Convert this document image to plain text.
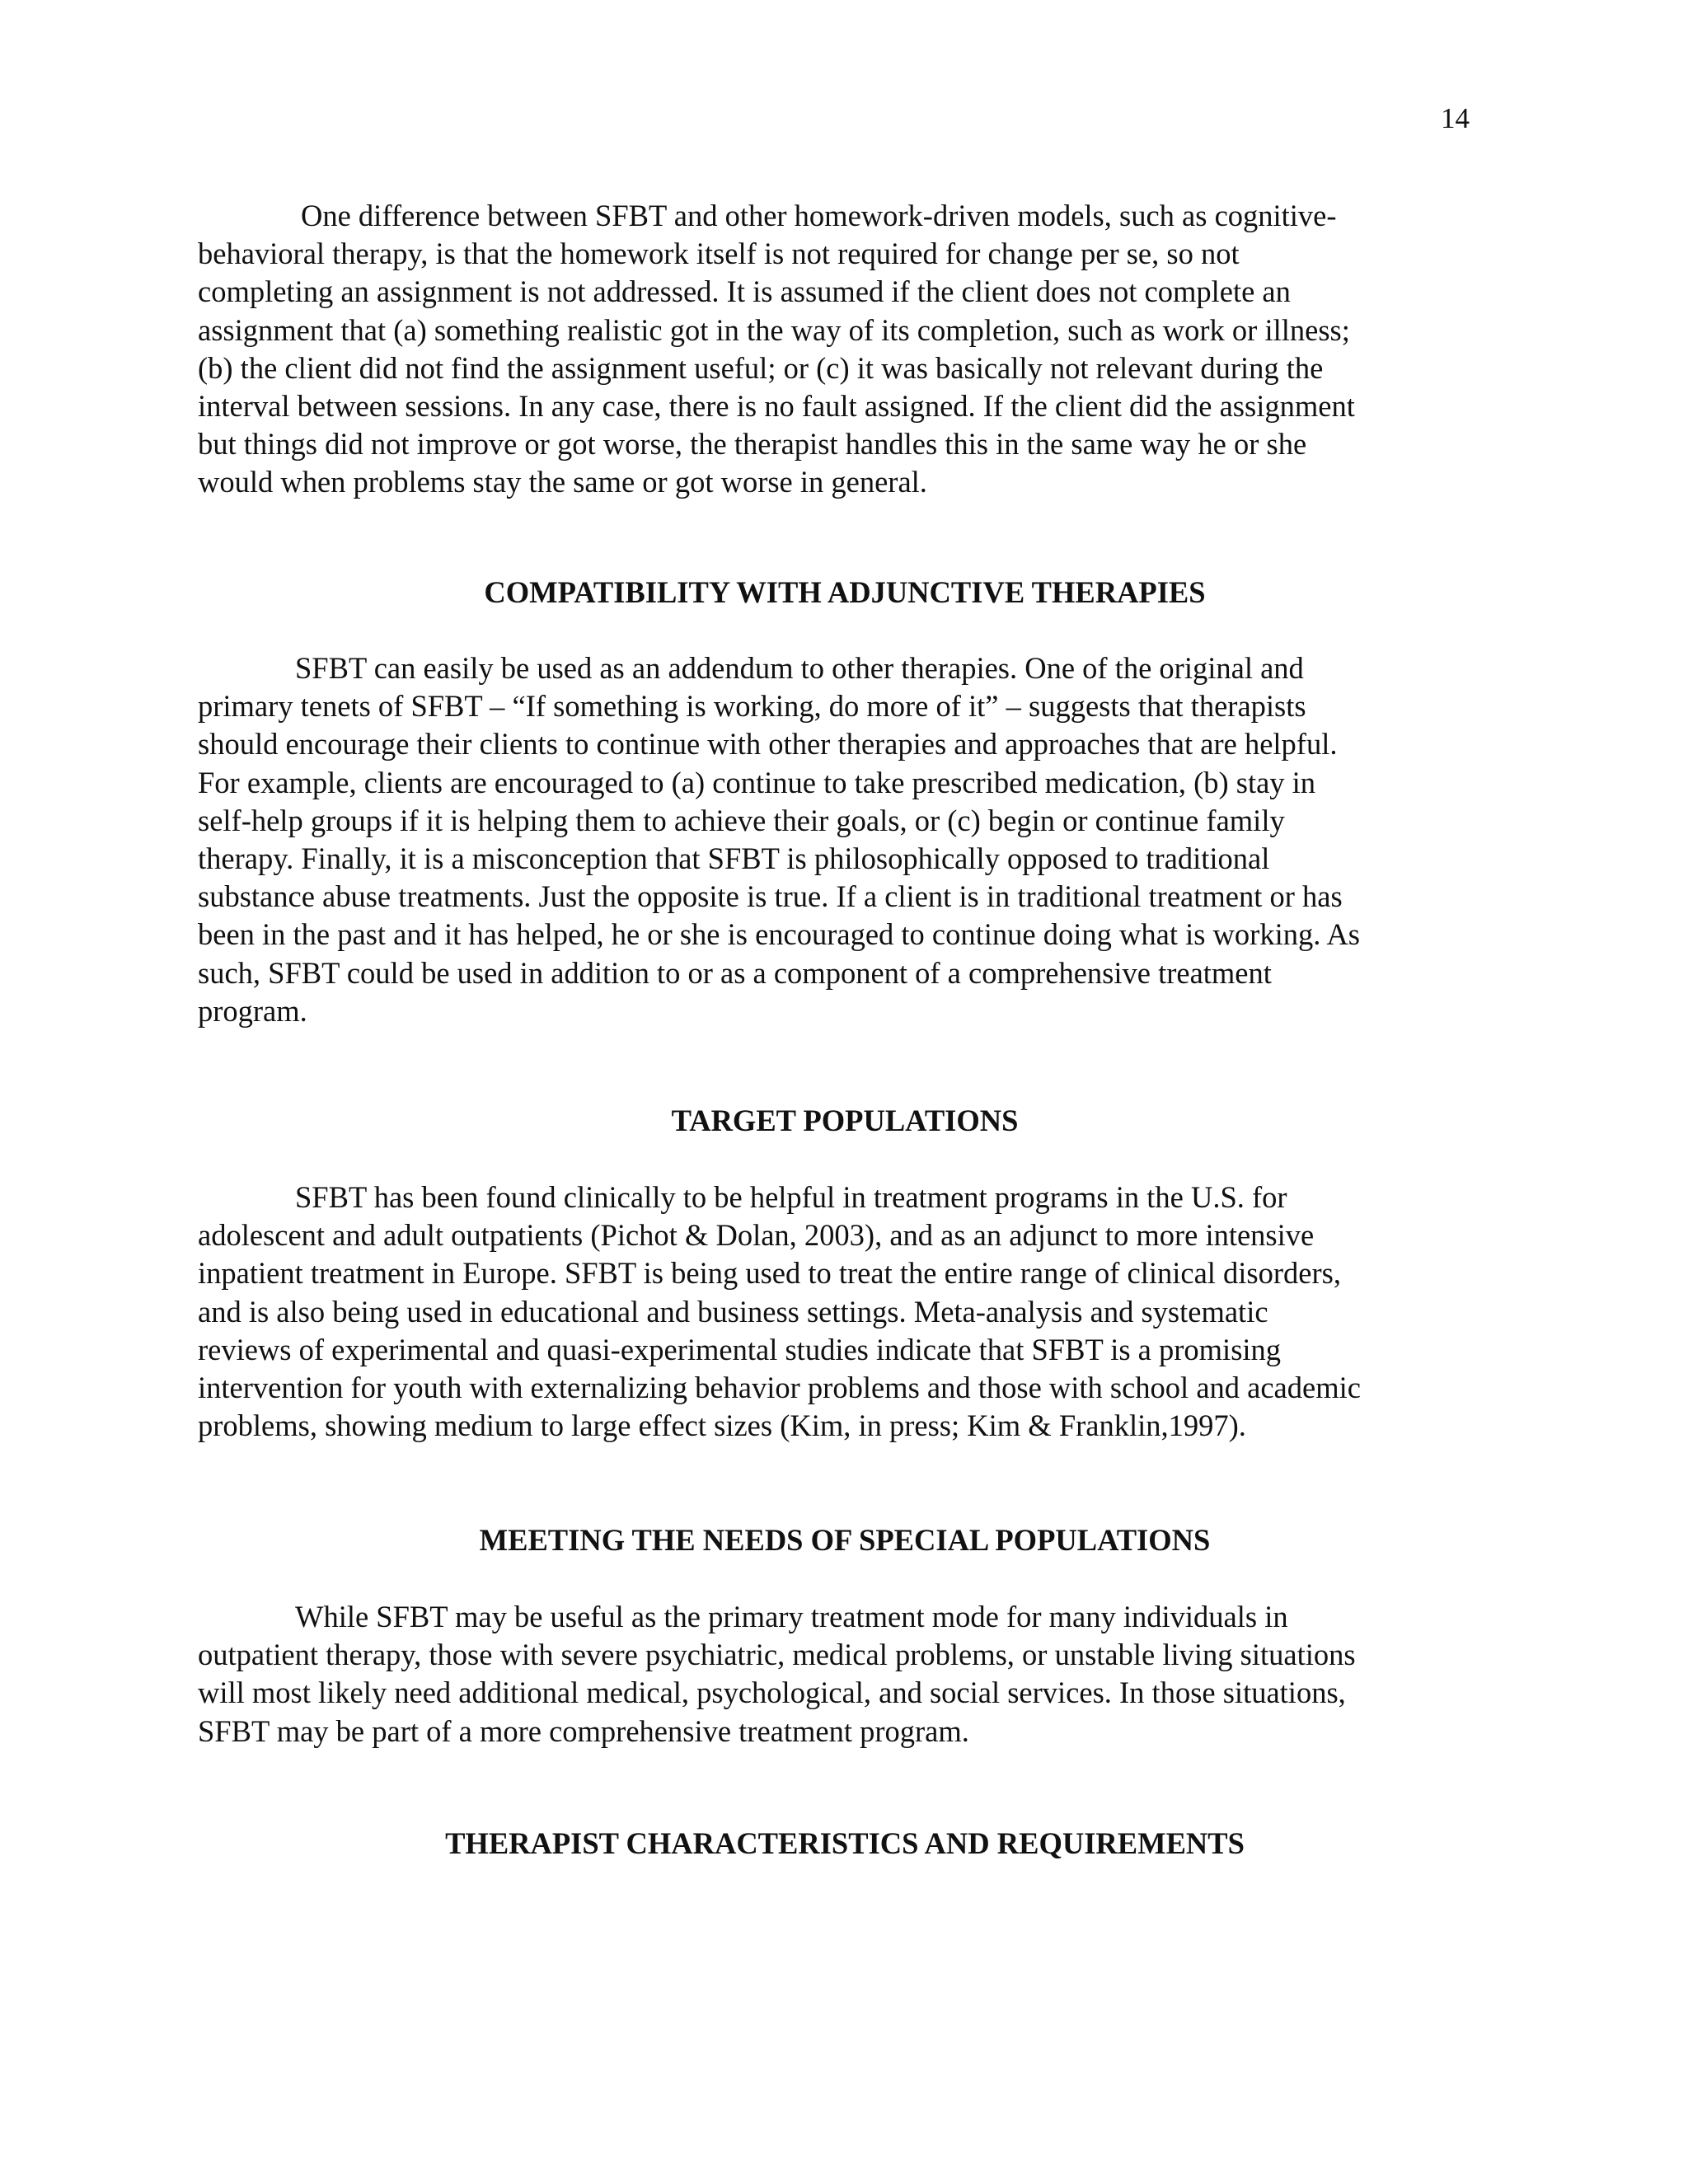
14

One difference between SFBT and other homework-driven models, such as cognitive-
behavioral therapy, is that the homework itself is not required for change per se, so not
completing an assignment is not addressed. It is assumed if the client does not complete an
assignment that (a) something realistic got in the way of its completion, such as work or illness;
(b) the client did not find the assignment useful; or (c) it was basically not relevant during the
interval between sessions. In any case, there is no fault assigned. If the client did the assignment
but things did not improve or got worse, the therapist handles this in the same way he or she
would when problems stay the same or got worse in general.

COMPATIBILITY WITH ADJUNCTIVE THERAPIES

SFBT can easily be used as an addendum to other therapies. One of the original and
primary tenets of SFBT – “If something is working, do more of it” – suggests that therapists
should encourage their clients to continue with other therapies and approaches that are helpful.
For example, clients are encouraged to (a) continue to take prescribed medication, (b) stay in
self-help groups if it is helping them to achieve their goals, or (c) begin or continue family
therapy. Finally, it is a misconception that SFBT is philosophically opposed to traditional
substance abuse treatments. Just the opposite is true. If a client is in traditional treatment or has
been in the past and it has helped, he or she is encouraged to continue doing what is working. As
such, SFBT could be used in addition to or as a component of a comprehensive treatment
program.

TARGET POPULATIONS

SFBT has been found clinically to be helpful in treatment programs in the U.S. for
adolescent and adult outpatients (Pichot & Dolan, 2003), and as an adjunct to more intensive
inpatient treatment in Europe. SFBT is being used to treat the entire range of clinical disorders,
and is also being used in educational and business settings. Meta-analysis and systematic
reviews of experimental and quasi-experimental studies indicate that SFBT is a promising
intervention for youth with externalizing behavior problems and those with school and academic
problems, showing medium to large effect sizes (Kim, in press; Kim & Franklin,1997).

MEETING THE NEEDS OF SPECIAL POPULATIONS

While SFBT may be useful as the primary treatment mode for many individuals in
outpatient therapy, those with severe psychiatric, medical problems, or unstable living situations
will most likely need additional medical, psychological, and social services. In those situations,
SFBT may be part of a more comprehensive treatment program.

THERAPIST CHARACTERISTICS AND REQUIREMENTS
